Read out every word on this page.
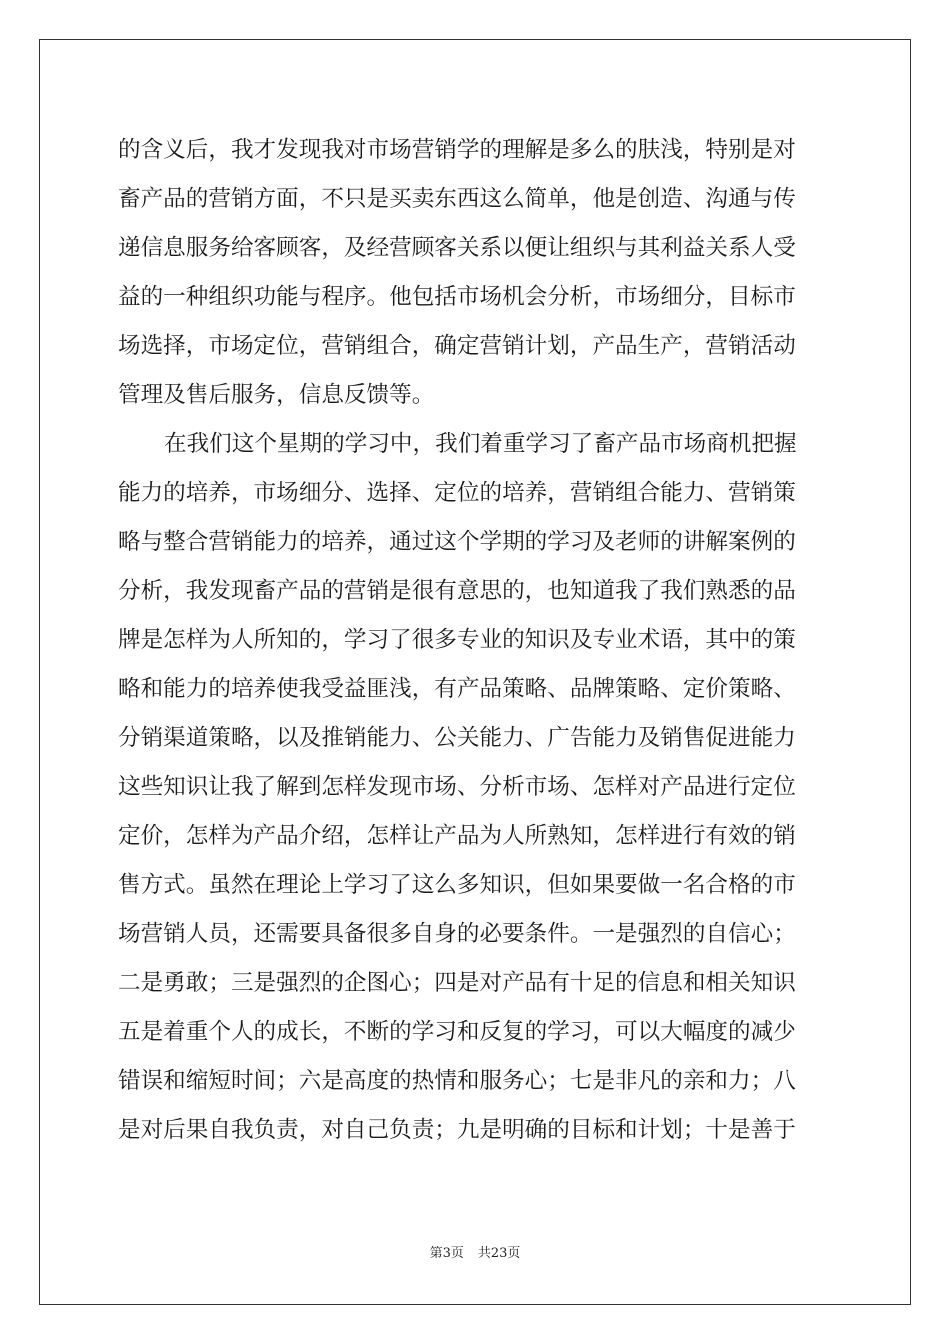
的含义后，我才发现我对市场营销学的理解是多么的肤浅，特别是对
畜产品的营销方面，不只是买卖东西这么简单，他是创造、沟通与传
递信息服务给客顾客，及经营顾客关系以便让组织与其利益关系人受
益的一种组织功能与程序。他包括市场机会分析，市场细分，目标市
场选择，市场定位，营销组合，确定营销计划，产品生产，营销活动
管理及售后服务，信息反馈等。
在我们这个星期的学习中，我们着重学习了畜产品市场商机把握
能力的培养，市场细分、选择、定位的培养，营销组合能力、营销策
略与整合营销能力的培养，通过这个学期的学习及老师的讲解案例的
分析，我发现畜产品的营销是很有意思的，也知道我了我们熟悉的品
牌是怎样为人所知的，学习了很多专业的知识及专业术语，其中的策
略和能力的培养使我受益匪浅，有产品策略、品牌策略、定价策略、
分销渠道策略，以及推销能力、公关能力、广告能力及销售促进能力
这些知识让我了解到怎样发现市场、分析市场、怎样对产品进行定位
定价，怎样为产品介绍，怎样让产品为人所熟知，怎样进行有效的销
售方式。虽然在理论上学习了这么多知识，但如果要做一名合格的市
场营销人员，还需要具备很多自身的必要条件。一是强烈的自信心；
二是勇敢；三是强烈的企图心；四是对产品有十足的信息和相关知识
五是着重个人的成长，不断的学习和反复的学习，可以大幅度的减少
错误和缩短时间；六是高度的热情和服务心；七是非凡的亲和力；八
是对后果自我负责，对自己负责；九是明确的目标和计划；十是善于
第3页 共23页
